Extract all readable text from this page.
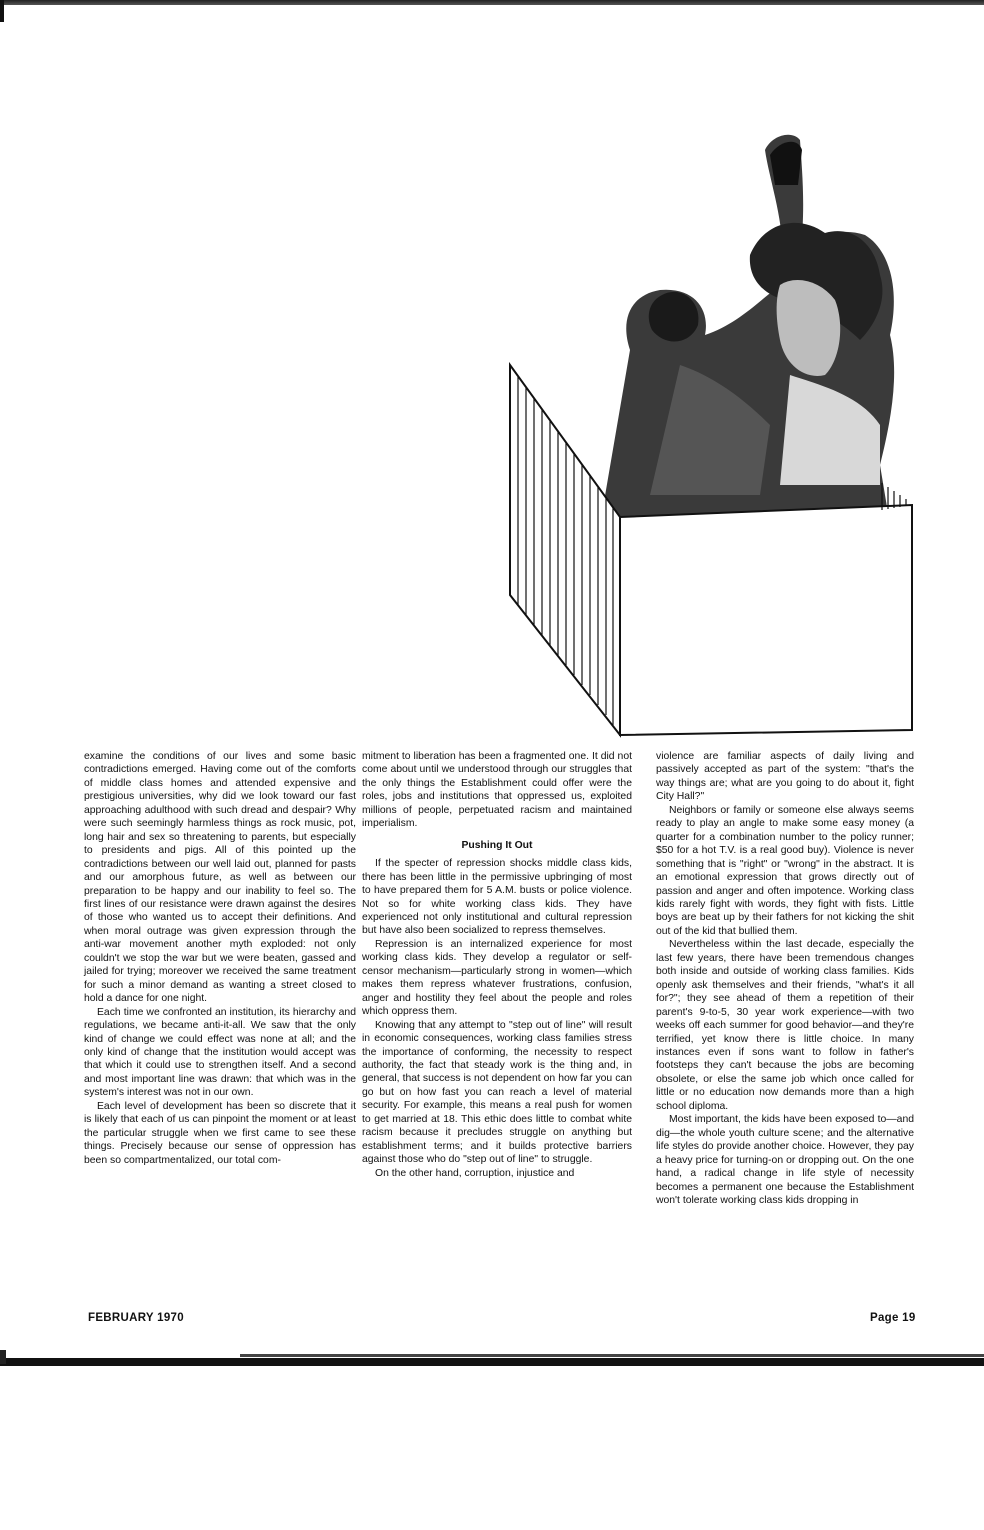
examine the conditions of our lives and some basic contradictions emerged. Having come out of the comforts of middle class homes and attended expensive and prestigious universities, why did we look toward our fast approaching adulthood with such dread and despair? Why were such seemingly harmless things as rock music, pot, long hair and sex so threatening to parents, but especially to presidents and pigs. All of this pointed up the contradictions between our well laid out, planned for pasts and our amorphous future, as well as between our preparation to be happy and our inability to feel so. The first lines of our resistance were drawn against the desires of those who wanted us to accept their definitions. And when moral outrage was given expression through the anti-war movement another myth exploded: not only couldn't we stop the war but we were beaten, gassed and jailed for trying; moreover we received the same treatment for such a minor demand as wanting a street closed to hold a dance for one night.

Each time we confronted an institution, its hierarchy and regulations, we became anti-it-all. We saw that the only kind of change we could effect was none at all; and the only kind of change that the institution would accept was that which it could use to strengthen itself. And a second and most important line was drawn: that which was in the system's interest was not in our own.

Each level of development has been so discrete that it is likely that each of us can pinpoint the moment or at least the particular struggle when we first came to see these things. Precisely because our sense of oppression has been so compartmentalized, our total com-

mitment to liberation has been a fragmented one. It did not come about until we understood through our struggles that the only things the Establishment could offer were the roles, jobs and institutions that oppressed us, exploited millions of people, perpetuated racism and maintained imperialism.

Pushing It Out

If the specter of repression shocks middle class kids, there has been little in the permissive upbringing of most to have prepared them for 5 A.M. busts or police violence. Not so for white working class kids. They have experienced not only institutional and cultural repression but have also been socialized to repress themselves.

Repression is an internalized experience for most working class kids. They develop a regulator or self-censor mechanism—particularly strong in women—which makes them repress whatever frustrations, confusion, anger and hostility they feel about the people and roles which oppress them.

Knowing that any attempt to "step out of line" will result in economic consequences, working class families stress the importance of conforming, the necessity to respect authority, the fact that steady work is the thing and, in general, that success is not dependent on how far you can go but on how fast you can reach a level of material security. For example, this means a real push for women to get married at 18. This ethic does little to combat white racism because it precludes struggle on anything but establishment terms; and it builds protective barriers against those who do "step out of line" to struggle.

On the other hand, corruption, injustice and

violence are familiar aspects of daily living and passively accepted as part of the system: "that's the way things are; what are you going to do about it, fight City Hall?"

Neighbors or family or someone else always seems ready to play an angle to make some easy money (a quarter for a combination number to the policy runner; $50 for a hot T.V. is a real good buy). Violence is never something that is "right" or "wrong" in the abstract. It is an emotional expression that grows directly out of passion and anger and often impotence. Working class kids rarely fight with words, they fight with fists. Little boys are beat up by their fathers for not kicking the shit out of the kid that bullied them.

Nevertheless within the last decade, especially the last few years, there have been tremendous changes both inside and outside of working class families. Kids openly ask themselves and their friends, "what's it all for?"; they see ahead of them a repetition of their parent's 9-to-5, 30 year work experience—with two weeks off each summer for good behavior—and they're terrified, yet know there is little choice. In many instances even if sons want to follow in father's footsteps they can't because the jobs are becoming obsolete, or else the same job which once called for little or no education now demands more than a high school diploma.

Most important, the kids have been exposed to—and dig—the whole youth culture scene; and the alternative life styles do provide another choice. However, they pay a heavy price for turning-on or dropping out. On the one hand, a radical change in life style of necessity becomes a permanent one because the Establishment won't tolerate working class kids dropping in

FEBRUARY 1970	Page 19
